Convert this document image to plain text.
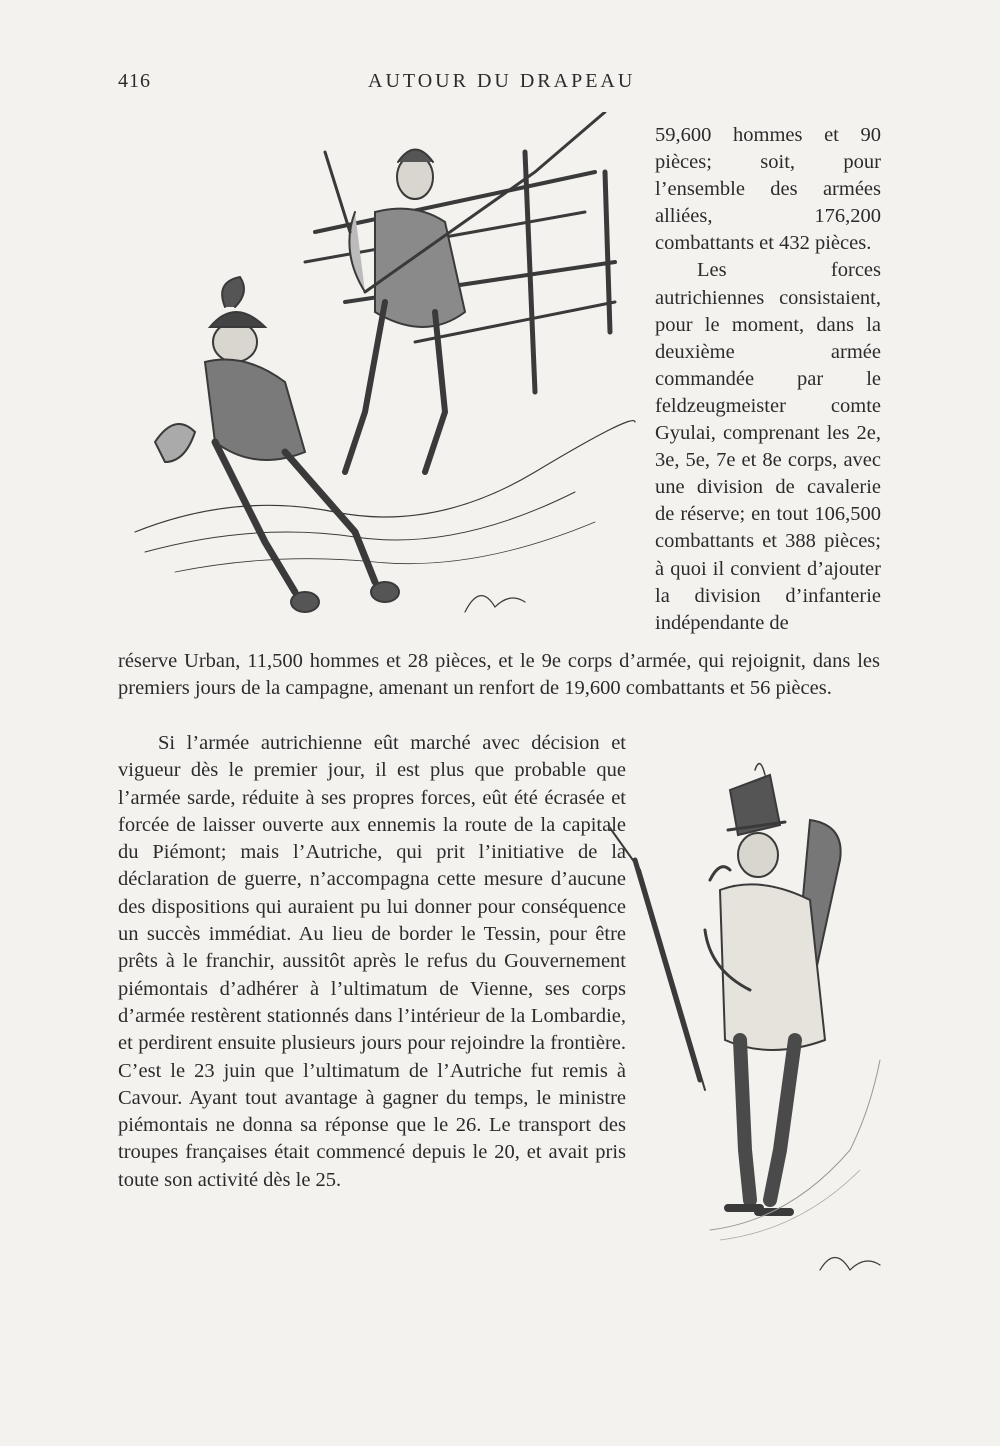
416	AUTOUR DU DRAPEAU

59,600 hommes et 90 pièces; soit, pour l’ensemble des armées alliées, 176,200 combattants et 432 pièces.

Les forces autrichiennes consistaient, pour le moment, dans la deuxième armée commandée par le feldzeugmeister comte Gyulai, comprenant les 2e, 3e, 5e, 7e et 8e corps, avec une division de cavalerie de réserve; en tout 106,500 combattants et 388 pièces; à quoi il convient d’ajouter la division d’infanterie indépendante de

réserve Urban, 11,500 hommes et 28 pièces, et le 9e corps d’armée, qui rejoignit, dans les premiers jours de la campagne, amenant un renfort de 19,600 combattants et 56 pièces.

Si l’armée autrichienne eût marché avec décision et vigueur dès le premier jour, il est plus que probable que l’armée sarde, réduite à ses propres forces, eût été écrasée et forcée de laisser ouverte aux ennemis la route de la capitale du Piémont; mais l’Autriche, qui prit l’initiative de la déclaration de guerre, n’accompagna cette mesure d’aucune des dispositions qui auraient pu lui donner pour conséquence un succès immédiat. Au lieu de border le Tessin, pour être prêts à le franchir, aussitôt après le refus du Gouvernement piémontais d’adhérer à l’ultimatum de Vienne, ses corps d’armée restèrent stationnés dans l’intérieur de la Lombardie, et perdirent ensuite plusieurs jours pour rejoindre la frontière. C’est le 23 juin que l’ultimatum de l’Autriche fut remis à Cavour. Ayant tout avantage à gagner du temps, le ministre piémontais ne donna sa réponse que le 26. Le transport des troupes françaises était commencé depuis le 20, et avait pris toute son activité dès le 25.
